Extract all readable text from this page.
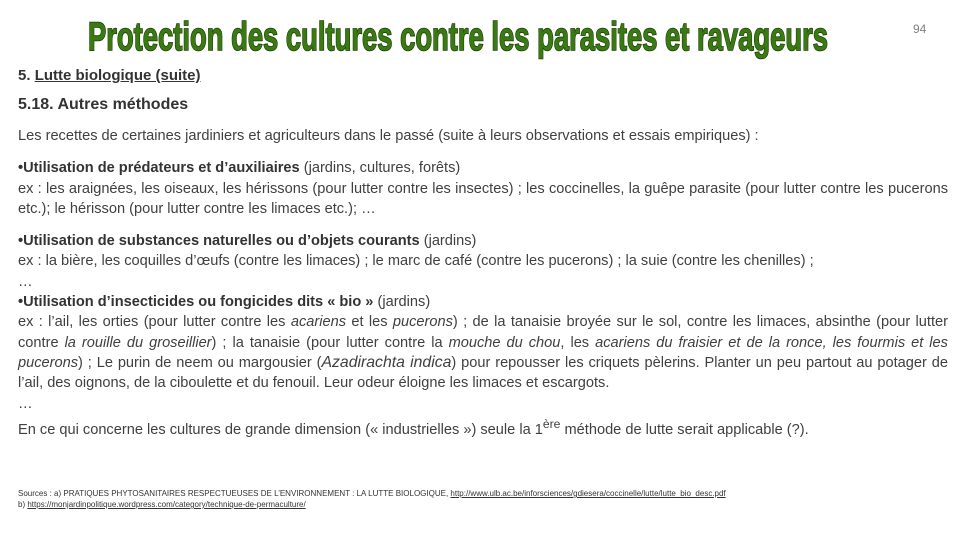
Protection des cultures contre les parasites et ravageurs	94
5. Lutte biologique (suite)
5.18. Autres méthodes

Les recettes de certaines jardiniers et agriculteurs dans le passé (suite à leurs observations et essais empiriques) :

•Utilisation de prédateurs et d’auxiliaires (jardins, cultures, forêts)

ex : les araignées, les oiseaux, les hérissons (pour lutter contre les insectes) ; les coccinelles, la guêpe parasite (pour lutter contre les pucerons etc.); le hérisson (pour lutter contre les limaces etc.); …

•Utilisation de substances naturelles ou d’objets courants (jardins)

ex : la bière, les coquilles d’œufs (contre les limaces) ; le marc de café (contre les pucerons) ; la suie (contre les chenilles) ;

…

•Utilisation d’insecticides ou fongicides dits « bio » (jardins)

ex : l’ail, les orties (pour lutter contre les acariens et les pucerons) ; de la tanaisie broyée sur le sol, contre les limaces, absinthe (pour lutter contre la rouille du groseillier) ; la tanaisie (pour lutter contre la mouche du chou, les acariens du fraisier et de la ronce, les fourmis et les pucerons) ; Le purin de neem ou margousier (Azadirachta indica) pour repousser les criquets pèlerins. Planter un peu partout au potager de l’ail, des oignons, de la ciboulette et du fenouil. Leur odeur éloigne les limaces et escargots.

…

En ce qui concerne les cultures de grande dimension (« industrielles ») seule la 1ère méthode de lutte serait applicable (?).

Sources : a) PRATIQUES PHYTOSANITAIRES RESPECTUEUSES DE L’ENVIRONNEMENT : LA LUTTE BIOLOGIQUE, http://www.ulb.ac.be/inforsciences/gdiesera/coccinelle/lutte/lutte_bio_desc.pdf
b) https://monjardinpolitique.wordpress.com/category/technique-de-permaculture/
